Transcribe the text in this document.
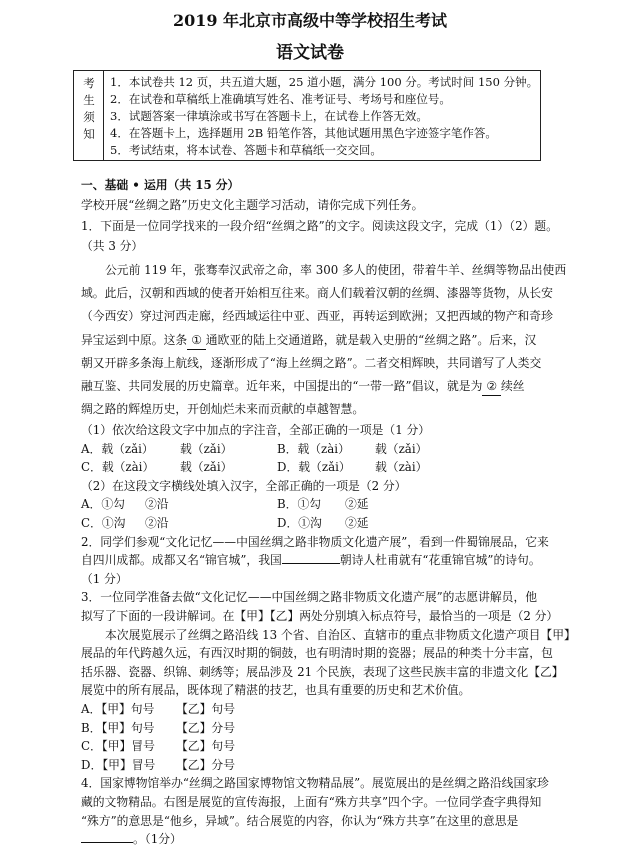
2019 年北京市高级中等学校招生考试
语文试卷
考
生
须
知
1．本试卷共 12 页，共五道大题，25 道小题，满分 100 分。考试时间 150 分钟。
2．在试卷和草稿纸上准确填写姓名、准考证号、考场号和座位号。
3．试题答案一律填涂或书写在答题卡上，在试卷上作答无效。
4．在答题卡上，选择题用 2B 铅笔作答，其他试题用黑色字迹签字笔作答。
5．考试结束，将本试卷、答题卡和草稿纸一交交回。
一、基础 • 运用（共 15 分）
学校开展“丝绸之路”历史文化主题学习活动，请你完成下列任务。
1．下面是一位同学找来的一段介绍“丝绸之路”的文字。阅读这段文字，完成（1）（2）题。
（共 3 分）
公元前 119 年，张骞奉汉武帝之命，率 300 多人的使团，带着牛羊、丝绸等物品出使西
域。此后，汉朝和西域的使者开始相互往来。商人们载着汉朝的丝绸、漆器等货物，从长安
（今西安）穿过河西走廊，经西域运往中亚、西亚，再转运到欧洲；又把西域的物产和奇珍
异宝运到中原。这条 ① 通欧亚的陆上交通道路，就是载入史册的“丝绸之路”。后来，汉
朝又开辟多条海上航线，逐渐形成了“海上丝绸之路”。二者交相辉映，共同谱写了人类交
融互鉴、共同发展的历史篇章。近年来，中国提出的“一带一路”倡议，就是为 ② 续丝
绸之路的辉煌历史，开创灿烂未来而贡献的卓越智慧。
（1）依次给这段文字中加点的字注音，全部正确的一项是（1 分）
A．载（zǎi） 载（zǎi）	B．载（zài） 载（zǎi）
C．载（zài） 载（zǎi）	D．载（zǎi） 载（zài）
（2）在这段文字横线处填入汉字，全部正确的一项是（2 分）
A．①勾 ②沿	B．①勾 ②延
C．①沟 ②沿	D．①沟 ②延
2．同学们参观“文化记忆——中国丝绸之路非物质文化遗产展”，看到一件蜀锦展品，它来
自四川成都。成都又名“锦官城”，我国	朝诗人杜甫就有“花重锦官城”的诗句。
（1 分）
3．一位同学准备去做“文化记忆——中国丝绸之路非物质文化遗产展”的志愿讲解员，他
拟写了下面的一段讲解词。在【甲】【乙】两处分别填入标点符号，最恰当的一项是（2 分）
本次展览展示了丝绸之路沿线 13 个省、自治区、直辖市的重点非物质文化遗产项目【甲】
展品的年代跨越久远，有西汉时期的铜鼓，也有明清时期的瓷器；展品的种类十分丰富，包
括乐器、瓷器、织锦、刺绣等；展品涉及 21 个民族，表现了这些民族丰富的非遗文化【乙】
展览中的所有展品，既体现了精湛的技艺，也具有重要的历史和艺术价值。
A．【甲】句号 【乙】句号
B．【甲】句号 【乙】分号
C．【甲】冒号 【乙】句号
D．【甲】冒号 【乙】分号
4．国家博物馆举办“丝绸之路国家博物馆文物精品展”。展览展出的是丝绸之路沿线国家珍
藏的文物精品。右图是展览的宣传海报，上面有“殊方共享”四个字。一位同学查字典得知
“殊方”的意思是“他乡，异域”。结合展览的内容，你认为“殊方共享”在这里的意思是
。（1分）
